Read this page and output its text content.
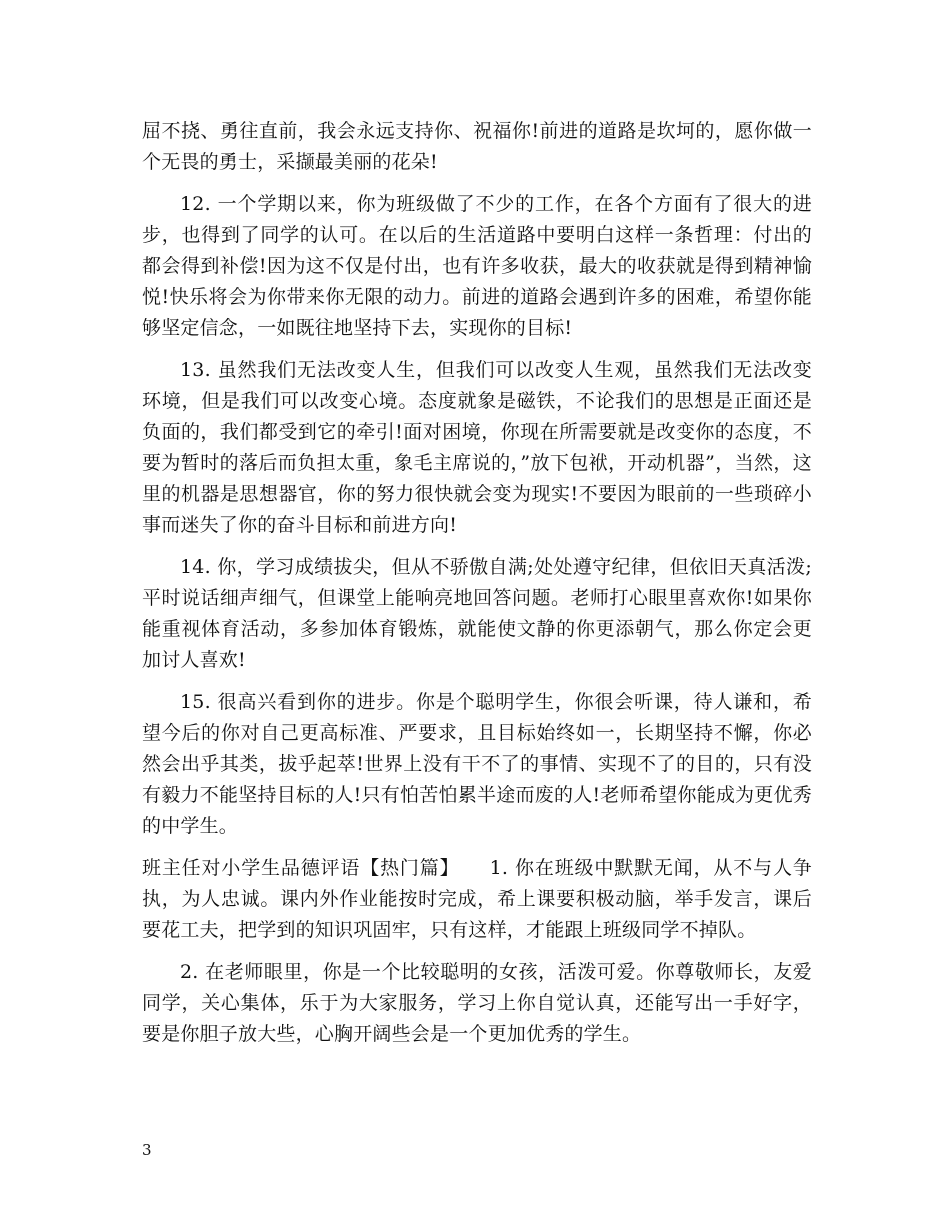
屈不挠、勇往直前，我会永远支持你、祝福你!前进的道路是坎坷的，愿你做一个无畏的勇士，采撷最美丽的花朵!

12. 一个学期以来，你为班级做了不少的工作，在各个方面有了很大的进步，也得到了同学的认可。在以后的生活道路中要明白这样一条哲理：付出的都会得到补偿!因为这不仅是付出，也有许多收获，最大的收获就是得到精神愉悦!快乐将会为你带来你无限的动力。前进的道路会遇到许多的困难，希望你能够坚定信念，一如既往地坚持下去，实现你的目标!

13. 虽然我们无法改变人生，但我们可以改变人生观，虽然我们无法改变环境，但是我们可以改变心境。态度就象是磁铁，不论我们的思想是正面还是负面的，我们都受到它的牵引!面对困境，你现在所需要就是改变你的态度，不要为暂时的落后而负担太重，象毛主席说的，”放下包袱，开动机器”，当然，这里的机器是思想器官，你的努力很快就会变为现实!不要因为眼前的一些琐碎小事而迷失了你的奋斗目标和前进方向!

14. 你，学习成绩拔尖，但从不骄傲自满;处处遵守纪律，但依旧天真活泼;平时说话细声细气，但课堂上能响亮地回答问题。老师打心眼里喜欢你!如果你能重视体育活动，多参加体育锻炼，就能使文静的你更添朝气，那么你定会更加讨人喜欢!

15. 很高兴看到你的进步。你是个聪明学生，你很会听课，待人谦和，希望今后的你对自己更高标准、严要求，且目标始终如一，长期坚持不懈，你必然会出乎其类，拔乎起萃!世界上没有干不了的事情、实现不了的目的，只有没有毅力不能坚持目标的人!只有怕苦怕累半途而废的人!老师希望你能成为更优秀的中学生。

班主任对小学生品德评语【热门篇】　　1. 你在班级中默默无闻，从不与人争执，为人忠诚。课内外作业能按时完成，希上课要积极动脑，举手发言，课后要花工夫，把学到的知识巩固牢，只有这样，才能跟上班级同学不掉队。

2. 在老师眼里，你是一个比较聪明的女孩，活泼可爱。你尊敬师长，友爱同学，关心集体，乐于为大家服务，学习上你自觉认真，还能写出一手好字，要是你胆子放大些，心胸开阔些会是一个更加优秀的学生。

3
